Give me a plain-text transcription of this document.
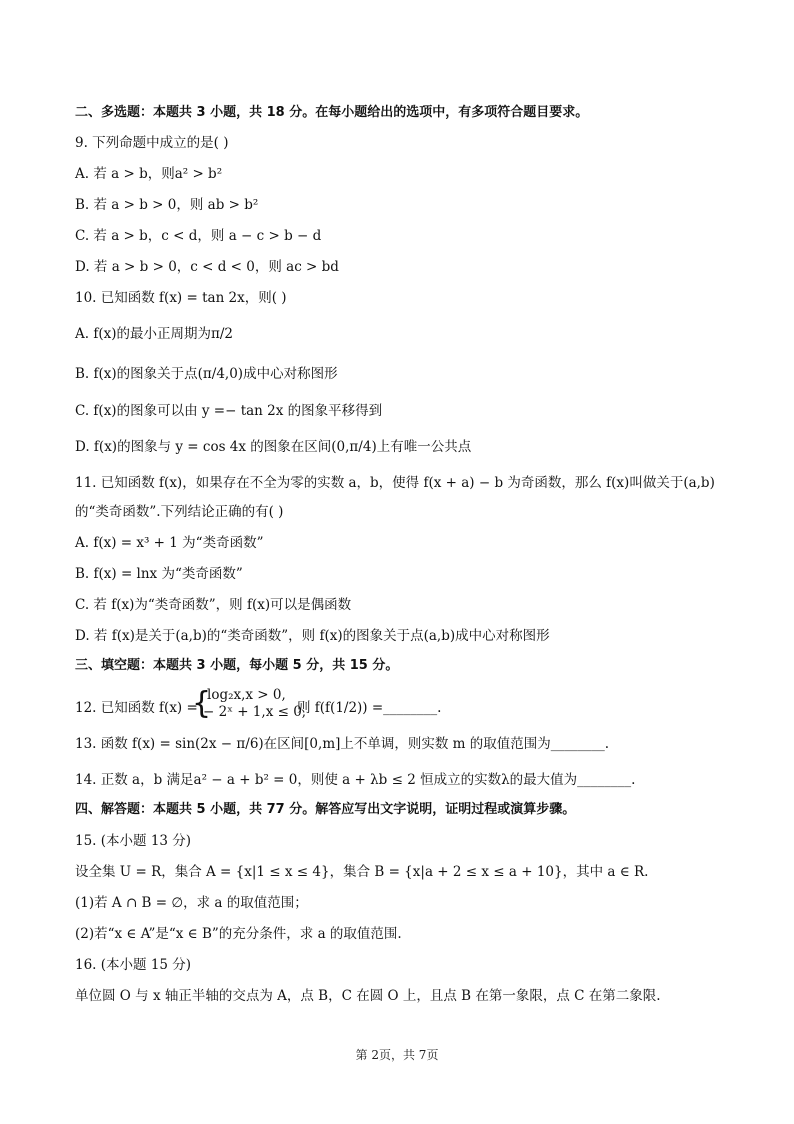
二、多选题：本题共 3 小题，共 18 分。在每小题给出的选项中，有多项符合题目要求。
9. 下列命题中成立的是( )
A. 若 a > b，则a² > b²
B. 若 a > b > 0，则 ab > b²
C. 若 a > b，c < d，则 a − c > b − d
D. 若 a > b > 0，c < d < 0，则 ac > bd
10. 已知函数 f(x) = tan 2x，则( )
A. f(x)的最小正周期为π/2
B. f(x)的图象关于点(π/4,0)成中心对称图形
C. f(x)的图象可以由 y =− tan 2x 的图象平移得到
D. f(x)的图象与 y = cos 4x 的图象在区间(0,π/4)上有唯一公共点
11. 已知函数 f(x)，如果存在不全为零的实数 a，b，使得 f(x + a) − b 为奇函数，那么 f(x)叫做关于(a,b)
的“类奇函数”.下列结论正确的有( )
A. f(x) = x³ + 1 为“类奇函数”
B. f(x) = lnx 为“类奇函数”
C. 若 f(x)为“类奇函数”，则 f(x)可以是偶函数
D. 若 f(x)是关于(a,b)的“类奇函数”，则 f(x)的图象关于点(a,b)成中心对称图形
三、填空题：本题共 3 小题，每小题 5 分，共 15 分。
12. 已知函数 f(x) =
{
log₂x,x > 0,
− 2ˣ + 1,x ≤ 0,
则 f(f(1/2)) =________.
13. 函数 f(x) = sin(2x − π/6)在区间[0,m]上不单调，则实数 m 的取值范围为________.
14. 正数 a，b 满足a² − a + b² = 0，则使 a + λb ≤ 2 恒成立的实数λ的最大值为________.
四、解答题：本题共 5 小题，共 77 分。解答应写出文字说明，证明过程或演算步骤。
15. (本小题 13 分)
设全集 U = R，集合 A = {x|1 ≤ x ≤ 4}，集合 B = {x|a + 2 ≤ x ≤ a + 10}，其中 a ∈ R.
(1)若 A ∩ B = ∅，求 a 的取值范围；
(2)若“x ∈ A”是“x ∈ B”的充分条件，求 a 的取值范围.
16. (本小题 15 分)
单位圆 O 与 x 轴正半轴的交点为 A，点 B，C 在圆 O 上，且点 B 在第一象限，点 C 在第二象限.
第 2页，共 7页
